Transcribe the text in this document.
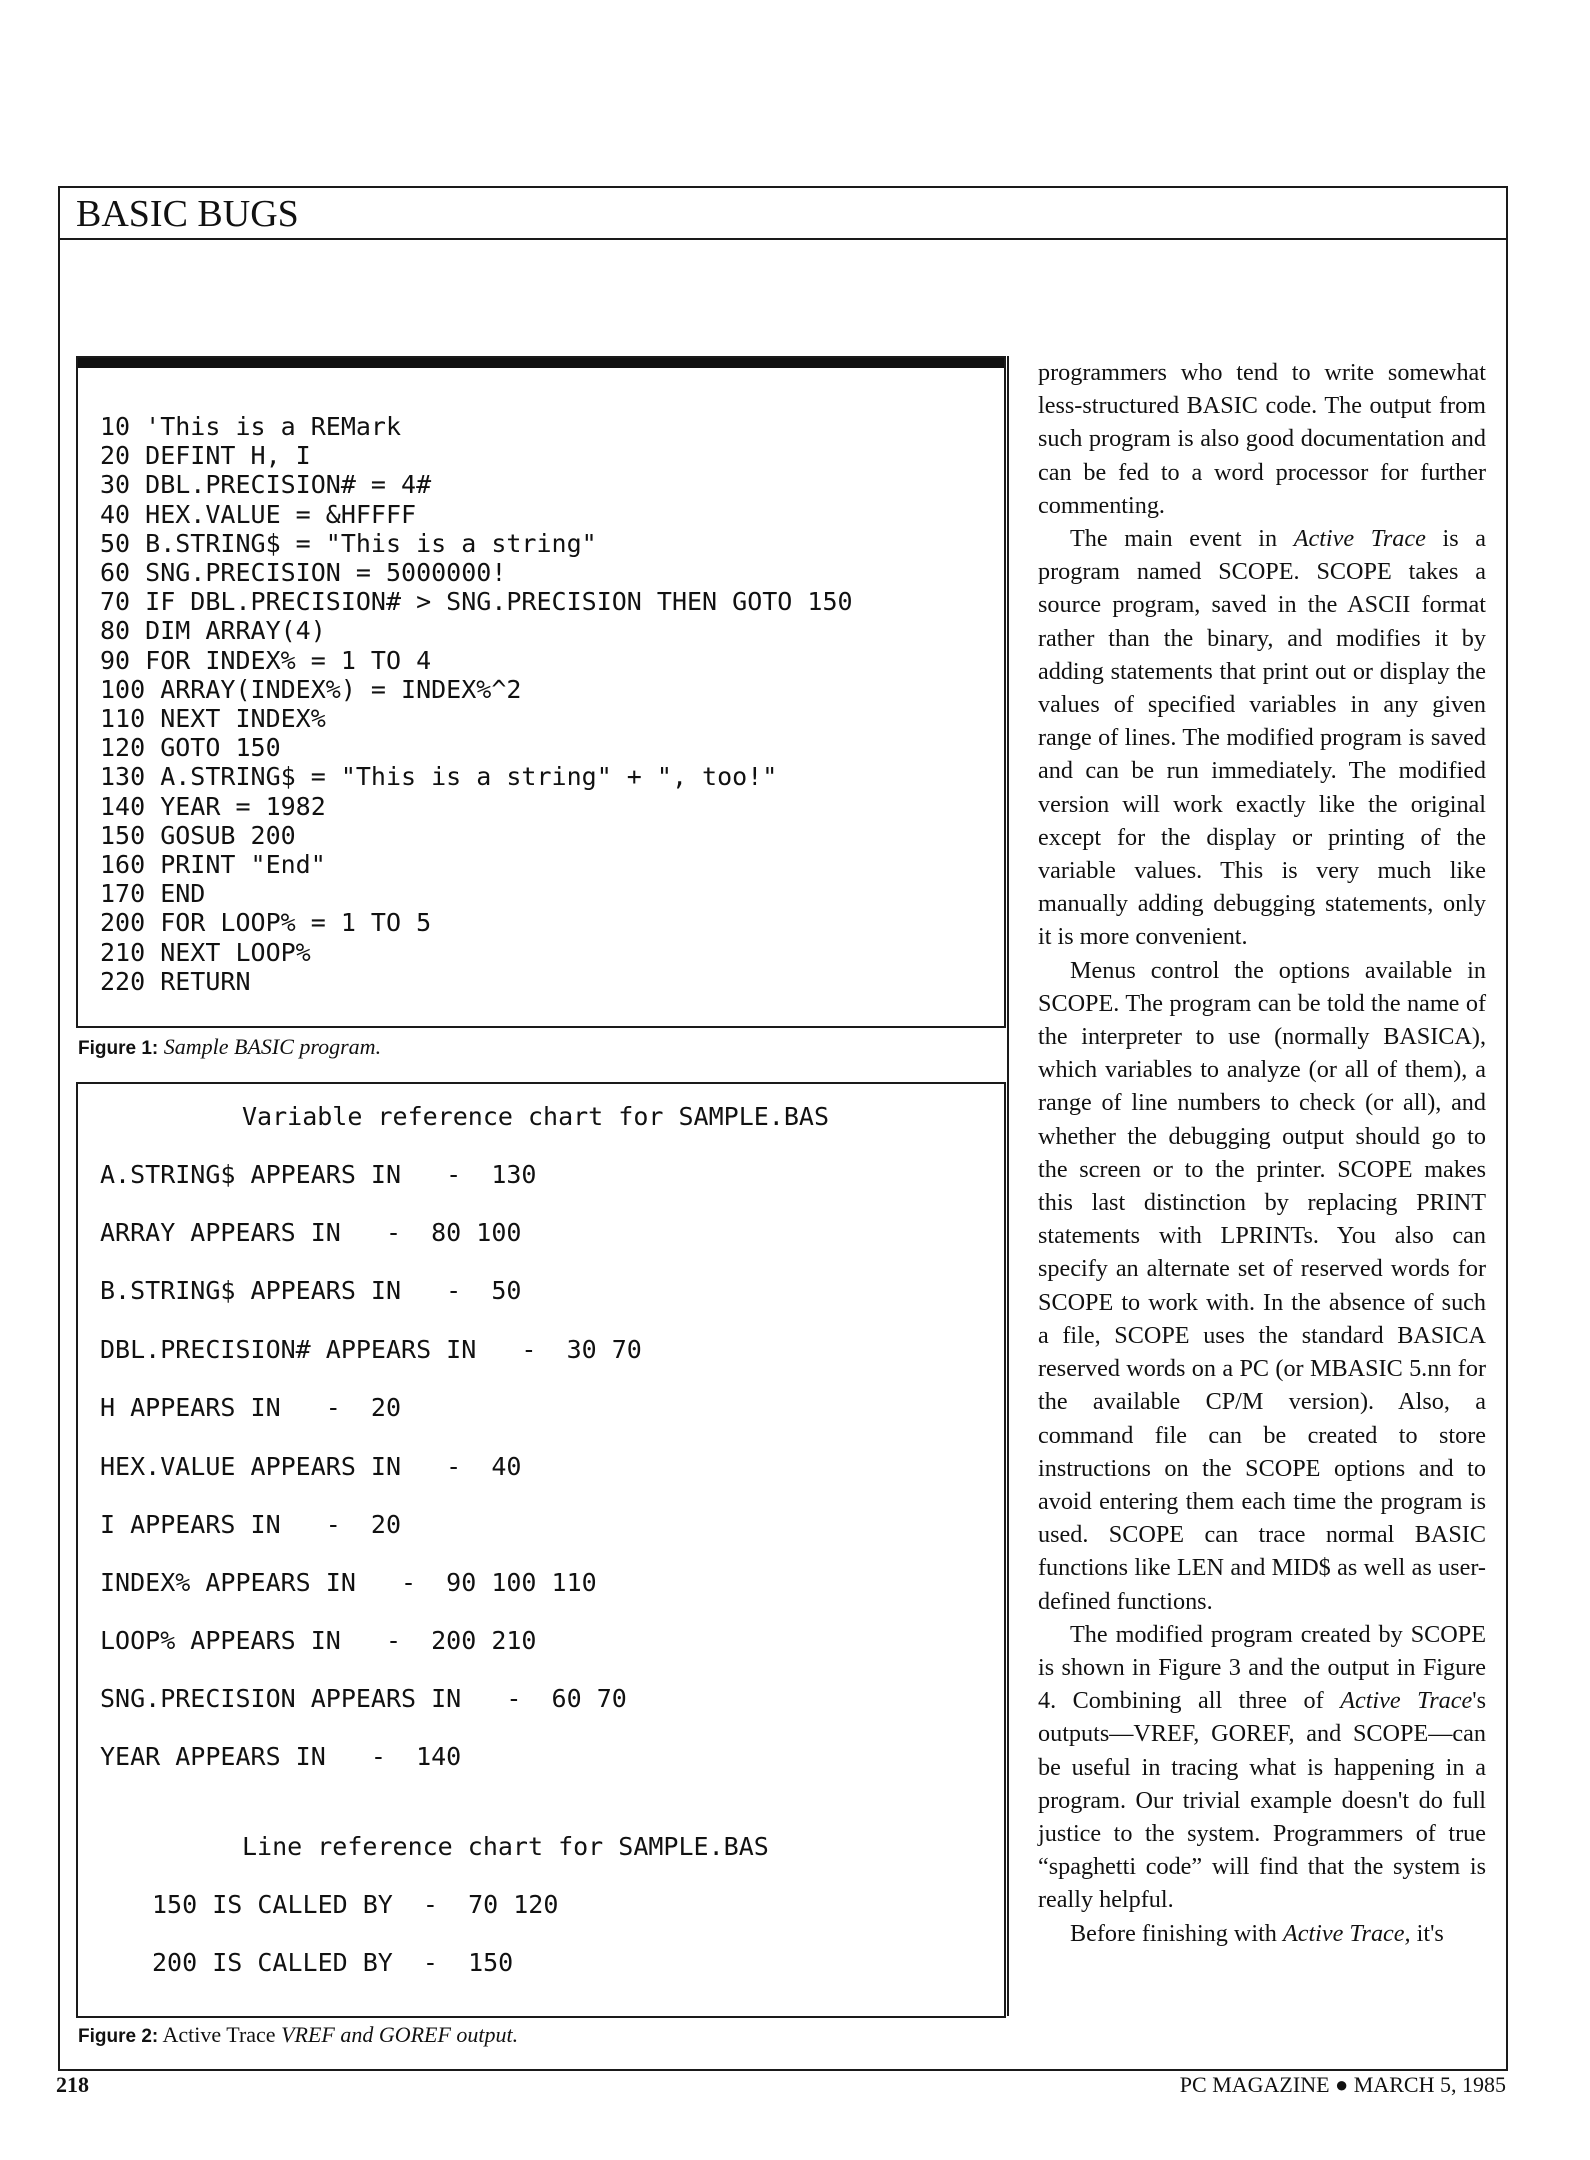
BASIC BUGS
10 'This is a REMark
20 DEFINT H, I
30 DBL.PRECISION# = 4#
40 HEX.VALUE = &HFFFF
50 B.STRING$ = "This is a string"
60 SNG.PRECISION = 5000000!
70 IF DBL.PRECISION# > SNG.PRECISION THEN GOTO 150
80 DIM ARRAY(4)
90 FOR INDEX% = 1 TO 4
100 ARRAY(INDEX%) = INDEX%^2
110 NEXT INDEX%
120 GOTO 150
130 A.STRING$ = "This is a string" + ", too!"
140 YEAR = 1982
150 GOSUB 200
160 PRINT "End"
170 END
200 FOR LOOP% = 1 TO 5
210 NEXT LOOP%
220 RETURN
Figure 1: Sample BASIC program.
Variable reference chart for SAMPLE.BAS
A.STRING$ APPEARS IN   -  130
ARRAY APPEARS IN   -  80 100
B.STRING$ APPEARS IN   -  50
DBL.PRECISION# APPEARS IN   -  30 70
H APPEARS IN   -  20
HEX.VALUE APPEARS IN   -  40
I APPEARS IN   -  20
INDEX% APPEARS IN   -  90 100 110
LOOP% APPEARS IN   -  200 210
SNG.PRECISION APPEARS IN   -  60 70
YEAR APPEARS IN   -  140
Line reference chart for SAMPLE.BAS
150 IS CALLED BY  -  70 120
200 IS CALLED BY  -  150
Figure 2: Active Trace VREF and GOREF output.

programmers who tend to write somewhat less-structured BASIC code. The output from such program is also good documentation and can be fed to a word processor for further commenting.

The main event in Active Trace is a program named SCOPE. SCOPE takes a source program, saved in the ASCII format rather than the binary, and modifies it by adding statements that print out or display the values of specified variables in any given range of lines. The modified program is saved and can be run immediately. The modified version will work exactly like the original except for the display or printing of the variable values. This is very much like manually adding debugging statements, only it is more convenient.

Menus control the options available in SCOPE. The program can be told the name of the interpreter to use (normally BASICA), which variables to analyze (or all of them), a range of line numbers to check (or all), and whether the debugging output should go to the screen or to the printer. SCOPE makes this last distinction by replacing PRINT statements with LPRINTs. You also can specify an alternate set of reserved words for SCOPE to work with. In the absence of such a file, SCOPE uses the standard BASICA reserved words on a PC (or MBASIC 5.nn for the available CP/M version). Also, a command file can be created to store instructions on the SCOPE options and to avoid entering them each time the program is used. SCOPE can trace normal BASIC functions like LEN and MID$ as well as user-defined functions.

The modified program created by SCOPE is shown in Figure 3 and the output in Figure 4. Combining all three of Active Trace's outputs—VREF, GOREF, and SCOPE—can be useful in tracing what is happening in a program. Our trivial example doesn't do full justice to the system. Programmers of true “spaghetti code” will find that the system is really helpful.

Before finishing with Active Trace, it's

218	PC MAGAZINE ● MARCH 5, 1985
